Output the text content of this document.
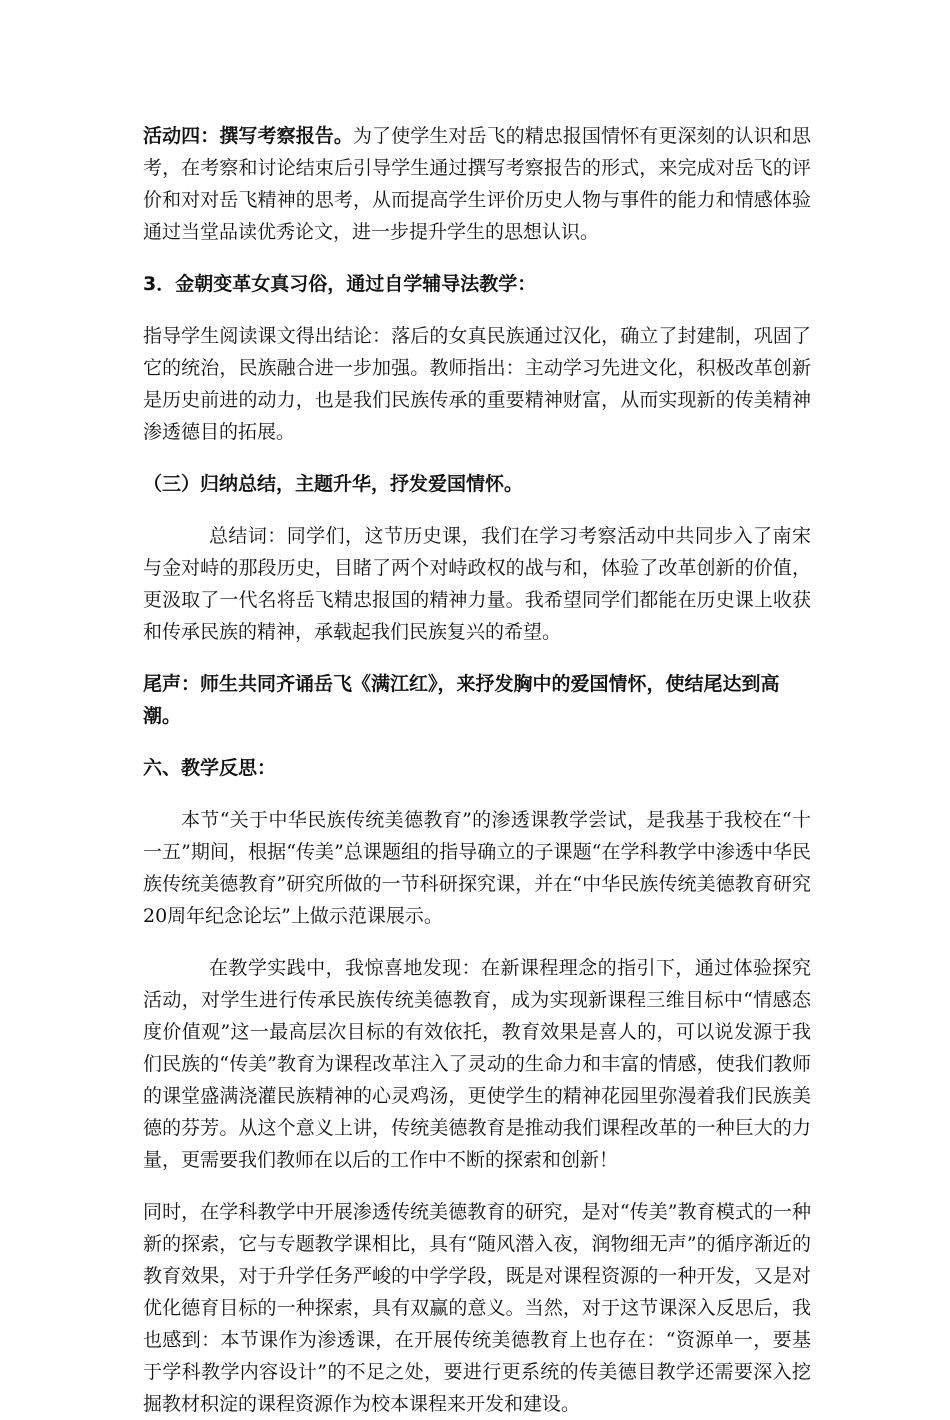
活动四：撰写考察报告。为了使学生对岳飞的精忠报国情怀有更深刻的认识和思考，在考察和讨论结束后引导学生通过撰写考察报告的形式，来完成对岳飞的评价和对对岳飞精神的思考，从而提高学生评价历史人物与事件的能力和情感体验通过当堂品读优秀论文，进一步提升学生的思想认识。

3．金朝变革女真习俗，通过自学辅导法教学：

指导学生阅读课文得出结论：落后的女真民族通过汉化，确立了封建制，巩固了它的统治，民族融合进一步加强。教师指出：主动学习先进文化，积极改革创新是历史前进的动力，也是我们民族传承的重要精神财富，从而实现新的传美精神渗透德目的拓展。

（三）归纳总结，主题升华，抒发爱国情怀。

总结词：同学们，这节历史课，我们在学习考察活动中共同步入了南宋与金对峙的那段历史，目睹了两个对峙政权的战与和，体验了改革创新的价值，更汲取了一代名将岳飞精忠报国的精神力量。我希望同学们都能在历史课上收获和传承民族的精神，承载起我们民族复兴的希望。

尾声：师生共同齐诵岳飞《满江红》，来抒发胸中的爱国情怀，使结尾达到高潮。

六、教学反思：

本节“关于中华民族传统美德教育”的渗透课教学尝试，是我基于我校在“十一五”期间，根据“传美”总课题组的指导确立的子课题“在学科教学中渗透中华民族传统美德教育”研究所做的一节科研探究课，并在“中华民族传统美德教育研究20周年纪念论坛”上做示范课展示。

在教学实践中，我惊喜地发现：在新课程理念的指引下，通过体验探究活动，对学生进行传承民族传统美德教育，成为实现新课程三维目标中“情感态度价值观”这一最高层次目标的有效依托，教育效果是喜人的，可以说发源于我们民族的“传美”教育为课程改革注入了灵动的生命力和丰富的情感，使我们教师的课堂盛满浇灌民族精神的心灵鸡汤，更使学生的精神花园里弥漫着我们民族美德的芬芳。从这个意义上讲，传统美德教育是推动我们课程改革的一种巨大的力量，更需要我们教师在以后的工作中不断的探索和创新！

同时，在学科教学中开展渗透传统美德教育的研究，是对“传美”教育模式的一种新的探索，它与专题教学课相比，具有“随风潜入夜，润物细无声”的循序渐近的教育效果，对于升学任务严峻的中学学段，既是对课程资源的一种开发，又是对优化德育目标的一种探索，具有双赢的意义。当然，对于这节课深入反思后，我也感到：本节课作为渗透课，在开展传统美德教育上也存在：“资源单一，要基于学科教学内容设计”的不足之处，要进行更系统的传美德目教学还需要深入挖掘教材积淀的课程资源作为校本课程来开发和建设。
